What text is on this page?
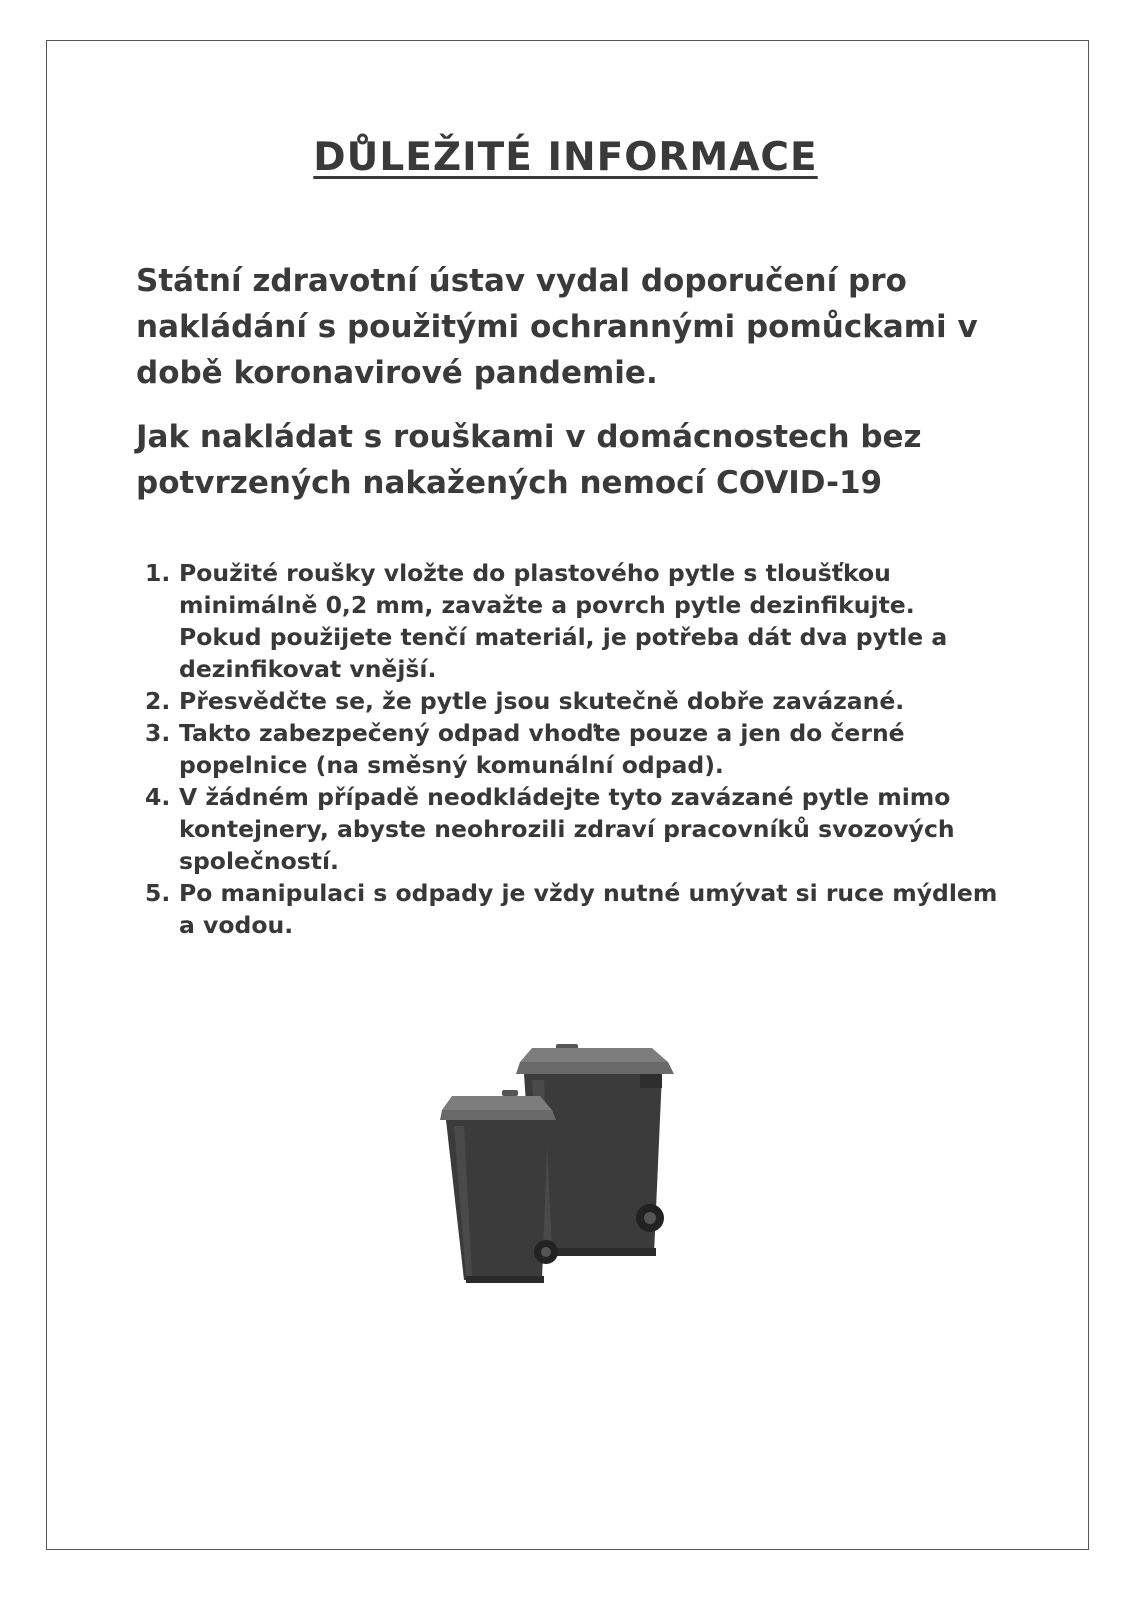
DŮLEŽITÉ INFORMACE

Státní zdravotní ústav vydal doporučení pro nakládání s použitými ochrannými pomůckami v době koronavirové pandemie.

Jak nakládat s rouškami v domácnostech bez potvrzených nakažených nemocí COVID-19

1. Použité roušky vložte do plastového pytle s tloušťkou minimálně 0,2 mm, zavažte a povrch pytle dezinfikujte. Pokud použijete tenčí materiál, je potřeba dát dva pytle a dezinfikovat vnější.
2. Přesvědčte se, že pytle jsou skutečně dobře zavázané.
3. Takto zabezpečený odpad vhoďte pouze a jen do černé popelnice (na směsný komunální odpad).
4. V žádném případě neodkládejte tyto zavázané pytle mimo kontejnery, abyste neohrozili zdraví pracovníků svozových společností.
5. Po manipulaci s odpady je vždy nutné umývat si ruce mýdlem a vodou.
